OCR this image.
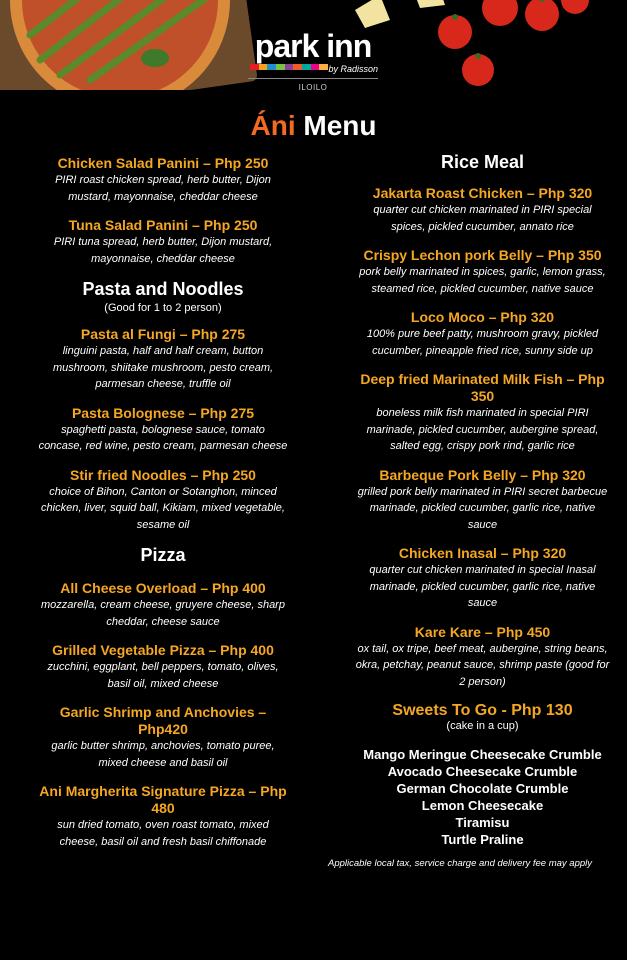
park inn
by Radisson
ILOILO
Áni Menu
Chicken Salad Panini – Php 250
PIRI roast chicken spread, herb butter, Dijon mustard, mayonnaise, cheddar cheese
Tuna Salad Panini – Php 250
PIRI tuna spread, herb butter, Dijon mustard, mayonnaise, cheddar cheese
Pasta and Noodles
(Good for 1 to 2 person)
Pasta al Fungi – Php 275
linguini pasta, half and half cream, button mushroom, shiitake mushroom, pesto cream, parmesan cheese, truffle oil
Pasta Bolognese – Php 275
spaghetti pasta, bolognese sauce, tomato concase, red wine, pesto cream, parmesan cheese
Stir fried Noodles – Php 250
choice of Bihon, Canton or Sotanghon, minced chicken, liver, squid ball, Kikiam, mixed vegetable, sesame oil
Pizza
All Cheese Overload – Php 400
mozzarella, cream cheese, gruyere cheese, sharp cheddar, cheese sauce
Grilled Vegetable Pizza – Php 400
zucchini, eggplant, bell peppers, tomato, olives, basil oil, mixed cheese
Garlic Shrimp and Anchovies – Php420
garlic butter shrimp, anchovies, tomato puree, mixed cheese and basil oil
Ani Margherita Signature Pizza – Php 480
sun dried tomato, oven roast tomato, mixed cheese, basil oil and fresh basil chiffonade
Rice Meal
Jakarta Roast Chicken – Php 320
quarter cut chicken marinated in PIRI special spices, pickled cucumber, annato rice
Crispy Lechon pork Belly – Php 350
pork belly marinated in spices, garlic, lemon grass, steamed rice, pickled cucumber, native sauce
Loco Moco – Php 320
100% pure beef patty, mushroom gravy, pickled cucumber, pineapple fried rice, sunny side up
Deep fried Marinated Milk Fish – Php 350
boneless milk fish marinated in special PIRI marinade, pickled cucumber, aubergine spread, salted egg, crispy pork rind, garlic rice
Barbeque Pork Belly – Php 320
grilled pork belly marinated in PIRI secret barbecue marinade, pickled cucumber, garlic rice, native sauce
Chicken Inasal – Php 320
quarter cut chicken marinated in special Inasal marinade, pickled cucumber, garlic rice, native sauce
Kare Kare – Php 450
ox tail, ox tripe, beef meat, aubergine, string beans, okra, petchay, peanut sauce, shrimp paste (good for 2 person)
Sweets To Go - Php 130
(cake in a cup)
Mango Meringue Cheesecake Crumble
Avocado Cheesecake Crumble
German Chocolate Crumble
Lemon Cheesecake
Tiramisu
Turtle Praline
Applicable local tax, service charge and delivery fee may apply
